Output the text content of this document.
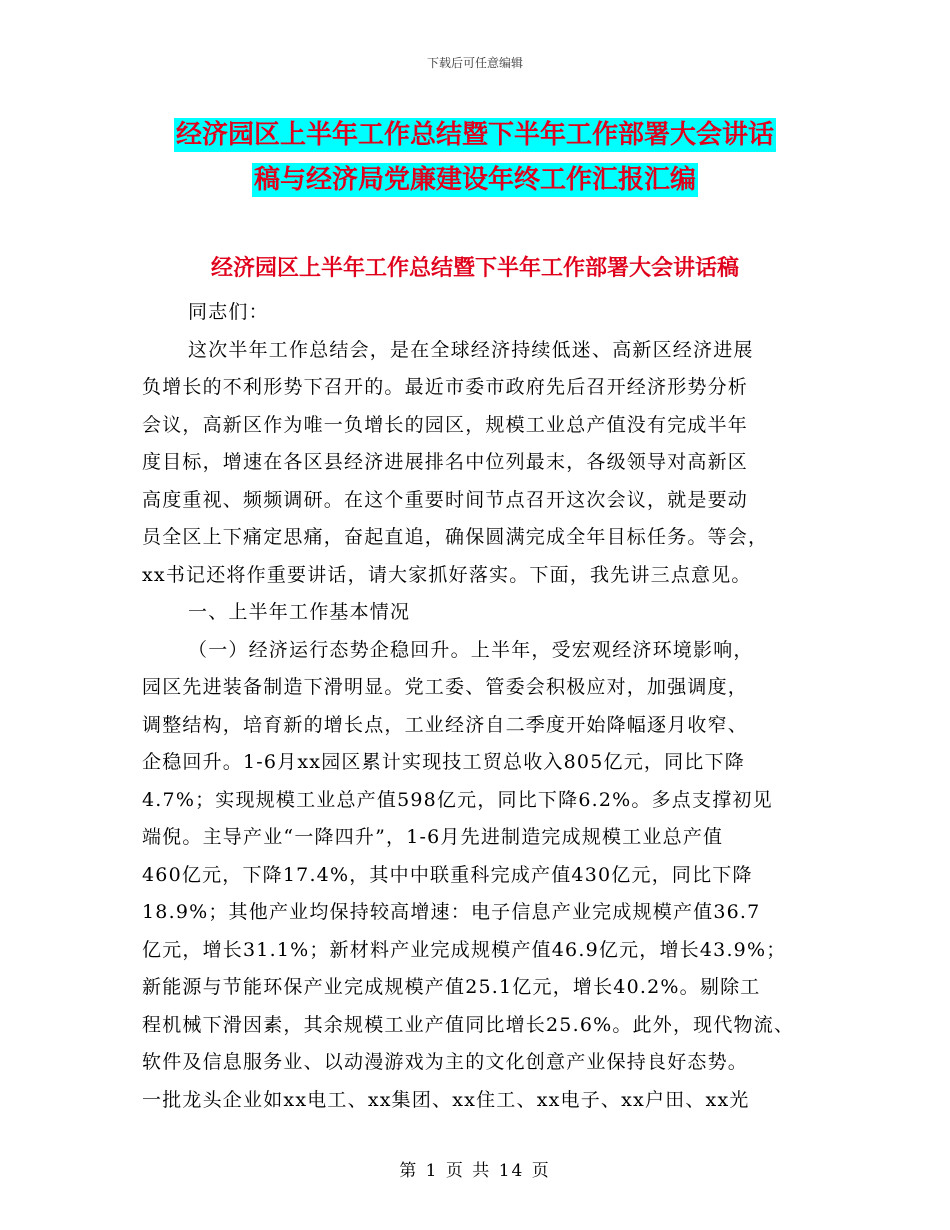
下载后可任意编辑
经济园区上半年工作总结暨下半年工作部署大会讲话
稿与经济局党廉建设年终工作汇报汇编
经济园区上半年工作总结暨下半年工作部署大会讲话稿
同志们：
这次半年工作总结会，是在全球经济持续低迷、高新区经济进展
负增长的不利形势下召开的。最近市委市政府先后召开经济形势分析
会议，高新区作为唯一负增长的园区，规模工业总产值没有完成半年
度目标，增速在各区县经济进展排名中位列最末，各级领导对高新区
高度重视、频频调研。在这个重要时间节点召开这次会议，就是要动
员全区上下痛定思痛，奋起直追，确保圆满完成全年目标任务。等会，
xx书记还将作重要讲话，请大家抓好落实。下面，我先讲三点意见。
一、上半年工作基本情况
（一）经济运行态势企稳回升。上半年，受宏观经济环境影响，
园区先进装备制造下滑明显。党工委、管委会积极应对，加强调度，
调整结构，培育新的增长点，工业经济自二季度开始降幅逐月收窄、
企稳回升。1-6月xx园区累计实现技工贸总收入805亿元，同比下降
4.7%；实现规模工业总产值598亿元，同比下降6.2%。多点支撑初见
端倪。主导产业“一降四升”，1-6月先进制造完成规模工业总产值
460亿元，下降17.4%，其中中联重科完成产值430亿元，同比下降
18.9%；其他产业均保持较高增速：电子信息产业完成规模产值36.7
亿元，增长31.1%；新材料产业完成规模产值46.9亿元，增长43.9%；
新能源与节能环保产业完成规模产值25.1亿元，增长40.2%。剔除工
程机械下滑因素，其余规模工业产值同比增长25.6%。此外，现代物流、
软件及信息服务业、以动漫游戏为主的文化创意产业保持良好态势。
一批龙头企业如xx电工、xx集团、xx住工、xx电子、xx户田、xx光
第 1 页 共 14 页
